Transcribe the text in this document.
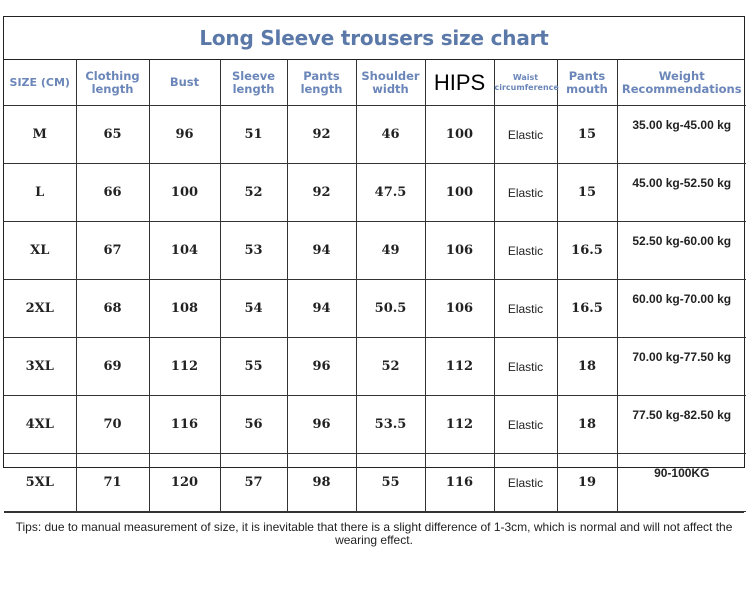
Long Sleeve trousers size chart
SIZE (CM)	Clothing length	Bust	Sleeve length	Pants length	Shoulder width	HIPS	Waist circumference	Pants mouth	Weight Recommendations
M	65	96	51	92	46	100	Elastic	15	35.00 kg-45.00 kg
L	66	100	52	92	47.5	100	Elastic	15	45.00 kg-52.50 kg
XL	67	104	53	94	49	106	Elastic	16.5	52.50 kg-60.00 kg
2XL	68	108	54	94	50.5	106	Elastic	16.5	60.00 kg-70.00 kg
3XL	69	112	55	96	52	112	Elastic	18	70.00 kg-77.50 kg
4XL	70	116	56	96	53.5	112	Elastic	18	77.50 kg-82.50 kg
5XL	71	120	57	98	55	116	Elastic	19	90-100KG
Tips: due to manual measurement of size, it is inevitable that there is a slight difference of 1-3cm, which is normal and will not affect the wearing effect.
